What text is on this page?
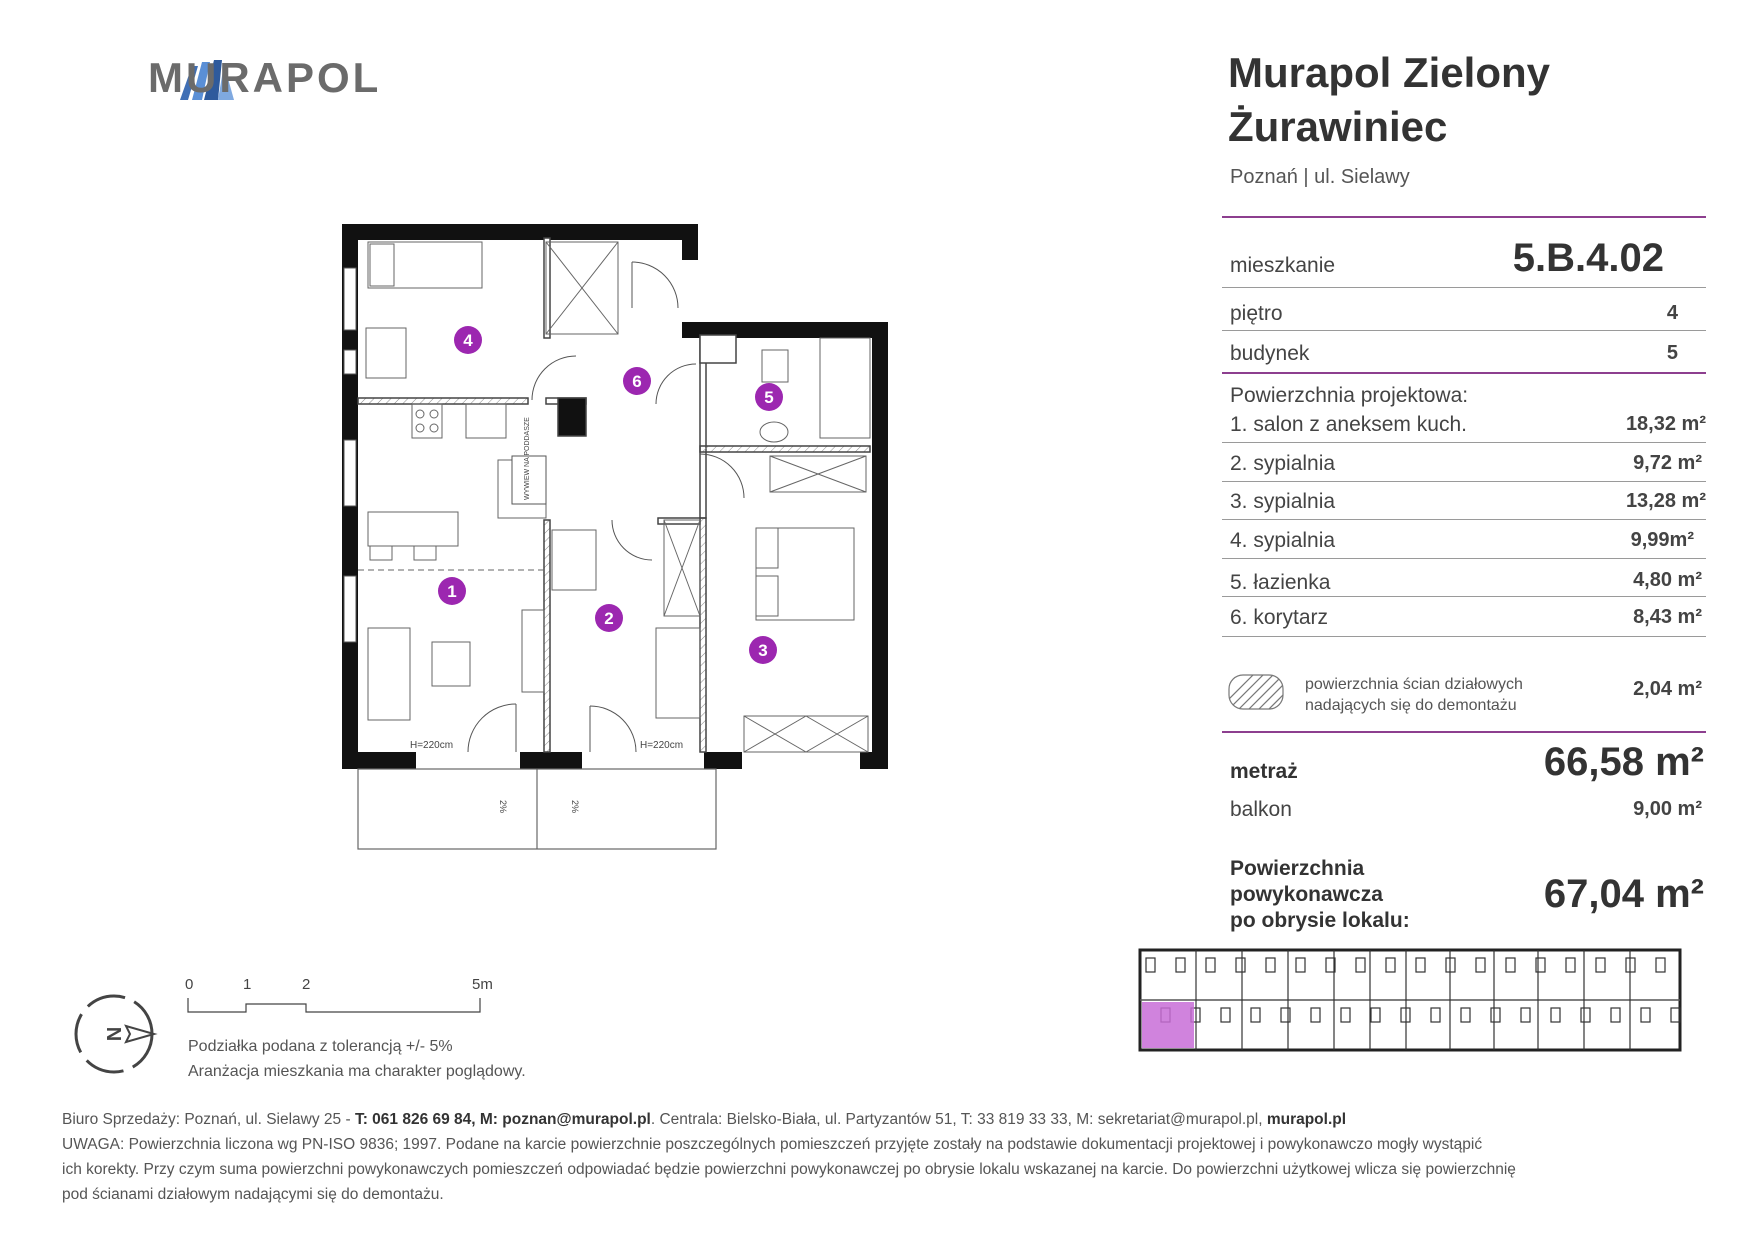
MURAPOL	Murapol Zielony
Żurawiniec
Poznań | ul. Sielawy
mieszkanie	5.B.4.02
piętro	4
budynek	5
Powierzchnia projektowa:
1. salon z aneksem kuch.	18,32 m²
2. sypialnia	9,72 m²
3. sypialnia	13,28 m²
4. sypialnia	9,99m²
5. łazienka	4,80 m²
6. korytarz	8,43 m²
powierzchnia ścian działowych
nadających się do demontażu
2,04 m²
metraż	66,58 m²
balkon	9,00 m²
Powierzchnia
powykonawcza
po obrysie lokalu:
67,04 m²
WYWIEW NA PODDASZE
H=220cm	H=220cm
2%	2%
1
2
3
4
5
6
N
0	1	2	5m
Podziałka podana z tolerancją +/- 5%
Aranżacja mieszkania ma charakter poglądowy.
Biuro Sprzedaży: Poznań, ul. Sielawy 25 - T: 061 826 69 84, M: poznan@murapol.pl. Centrala: Bielsko-Biała, ul. Partyzantów 51, T: 33 819 33 33, M: sekretariat@murapol.pl, murapol.pl
UWAGA: Powierzchnia liczona wg PN-ISO 9836; 1997. Podane na karcie powierzchnie poszczególnych pomieszczeń przyjęte zostały na podstawie dokumentacji projektowej i powykonawczo mogły wystąpić
ich korekty. Przy czym suma powierzchni powykonawczych pomieszczeń odpowiadać będzie powierzchni powykonawczej po obrysie lokalu wskazanej na karcie. Do powierzchni użytkowej wlicza się powierzchnię
pod ścianami działowym nadającymi się do demontażu.
